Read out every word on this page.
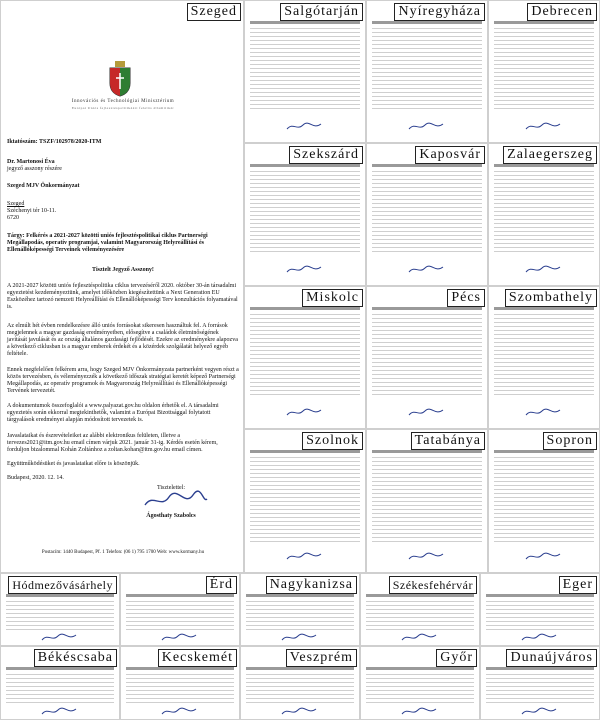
Szeged
Innovációs és Technológiai Minisztérium
Európai Uniós fejlesztéspolitikáért felelős államtitkár
Iktatószám: TSZF/102978/2020-ITM
Dr. Martonosi Éva
jegyző asszony részére
Szeged MJV Önkormányzat
Szeged
Széchenyi tér 10-11.
6720
Tárgy: Felkérés a 2021-2027 közötti uniós fejlesztéspolitikai ciklus Partnerségi Megállapodás, operatív programjai, valamint Magyarország Helyreállítási és Ellenállóképességi Terveinek véleményezésére
Tisztelt Jegyző Asszony!
A 2021-2027 közötti uniós fejlesztéspolitika ciklus tervezéséről 2020. október 30-án társadalmi egyeztetést kezdeményeztünk, amelyet időközben kiegészítettünk a Next Generation EU Eszközéhez tartozó nemzeti Helyreállítási és Ellenállóképességi Terv konzultációs folyamatával is.
Az elmúlt hét évben rendelkezésre álló uniós forrásokat sikeresen használtuk fel. A források megjelennek a magyar gazdaság eredményeiben, elősegítve a családok életminőségének javítását javulását és az ország általános gazdasági fejlődését. Ezekre az eredményekre alapozva a következő ciklusban is a magyar emberek érdekét és a közérdek szolgálatát helyező egyéb feltétele.
Ennek megfelelően felkérem arra, hogy Szeged MJV Önkormányzata partnerként vegyen részt a közös tervezésben, és véleményezzék a következő időszak stratégiai keretét képező Partnerségi Megállapodás, az operatív programok és Magyarország Helyreállítási és Ellenállóképességi Tervének tervezetét.
A dokumentumok összefoglalói a www.palyazat.gov.hu oldalon érhetők el. A társadalmi egyeztetés során ekkorral megtekinthetők, valamint a Európai Bizottsággal folytatott tárgyalások eredményei alapján módosított tervezetek is.
Javaslataikat és észrevételeiket az alábbi elektronikus felületen, illetve a tervezes2021@itm.gov.hu email címen várjuk 2021. január 31-ig. Kérdés esetén kérem, forduljon bizalommal Kohán Zoltánhoz a zoltan.kohan@itm.gov.hu email címen.
Együttműködésüket és javaslataikat előre is köszönjük.
Budapest, 2020. 12. 14.
Tisztelettel:
Ágosthaty Szabolcs
Postacím: 1440 Budapest, Pf. 1 Telefon: (06 1) 795 1700 Web: www.kormany.hu
Salgótarján	Nyíregyháza	Debrecen
Szekszárd	Kaposvár Zalaegerszeg
Miskolc	Pécs Szombathely
Szolnok	Tatabánya	Sopron
Hódmezővásárhely	Érd	Nagykanizsa	Székesfehérvár	Eger
Békéscsaba	Kecskemét	Veszprém	Győr	Dunaújváros
